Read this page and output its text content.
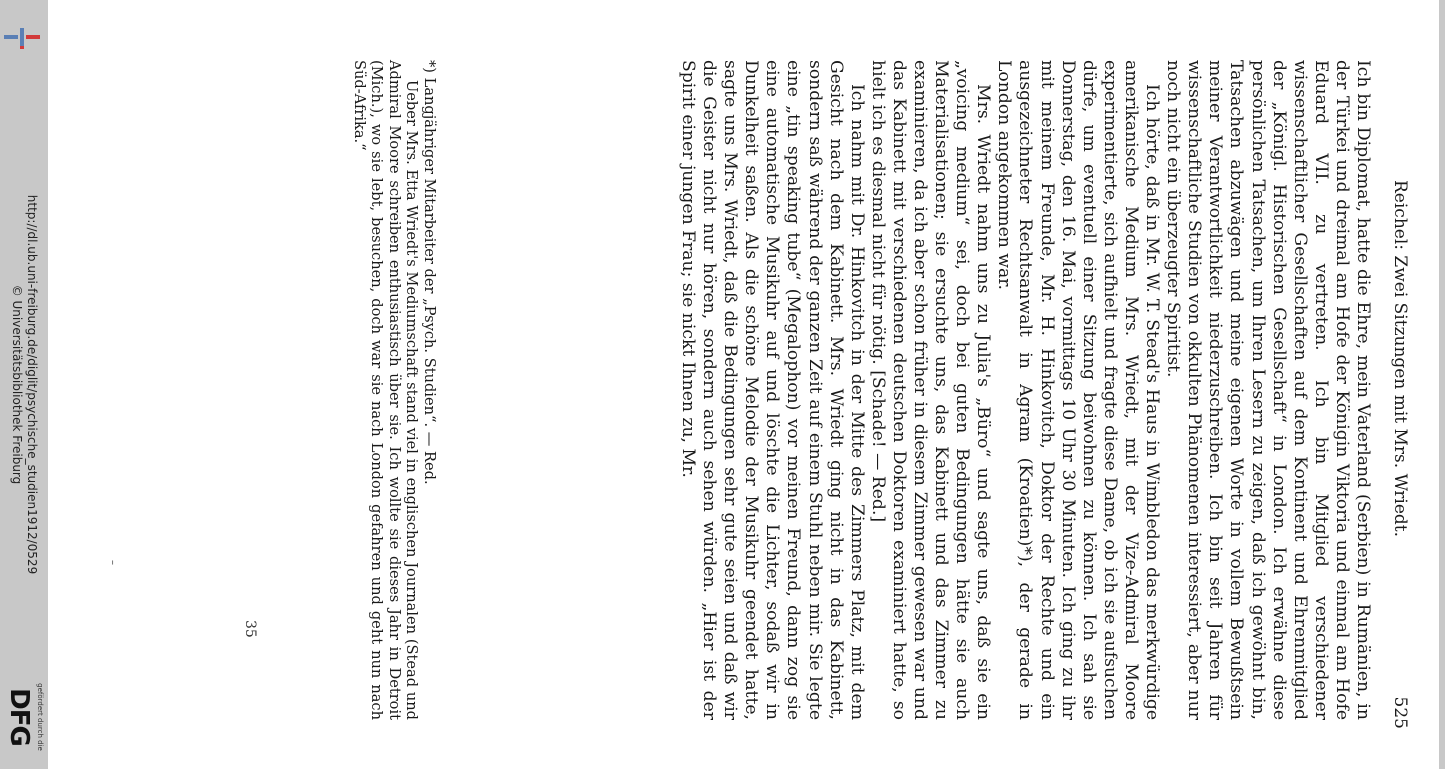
http://dl.ub.uni-freiburg.de/diglit/psychische_studien1912/0529
© Universitätsbibliothek Freiburg
gefördert durch die
DFG
Reichel: Zwei Sitzungen mit Mrs. Wriedt.
525

Ich bin Diplomat, hatte die Ehre, mein Vaterland (Serbien) in Rumänien, in der Türkei und dreimal am Hofe der Königin Viktoria und einmal am Hofe Eduard VII. zu vertreten. Ich bin Mitglied verschiedener wissenschaftlicher Gesellschaften auf dem Kontinent und Ehrenmitglied der „Königl. Historischen Gesellschaft“ in London. Ich erwähne diese persönlichen Tatsachen, um Ihren Lesern zu zeigen, daß ich gewöhnt bin, Tatsachen abzuwägen und meine eigenen Worte in vollem Bewußtsein meiner Verantwortlichkeit niederzuschreiben. Ich bin seit Jahren für wissenschaftliche Studien von okkulten Phänomenen interessiert, aber nur noch nicht ein überzeugter Spiritist.

Ich hörte, daß in Mr. W. T. Stead's Haus in Wimbledon das merkwürdige amerikanische Medium Mrs. Wriedt, mit der Vize-Admiral Moore experimentierte, sich aufhielt und fragte diese Dame, ob ich sie aufsuchen dürfe, um eventuell einer Sitzung beiwohnen zu können. Ich sah sie Donnerstag, den 16. Mai, vormittags 10 Uhr 30 Minuten. Ich ging zu ihr mit meinem Freunde, Mr. H. Hinkovitch, Doktor der Rechte und ein ausgezeichneter Rechtsanwalt in Agram (Kroatien)*), der gerade in London angekommen war.

Mrs. Wriedt nahm uns zu Julia's „Büro“ und sagte uns, daß sie ein „voicing medium“ sei, doch bei guten Bedingungen hätte sie auch Materialisationen; sie ersuchte uns, das Kabinett und das Zimmer zu examinieren, da ich aber schon früher in diesem Zimmer gewesen war und das Kabinett mit verschiedenen deutschen Doktoren examiniert hatte, so hielt ich es diesmal nicht für nötig. [Schade! — Red.]

Ich nahm mit Dr. Hinkovitch in der Mitte des Zimmers Platz, mit dem Gesicht nach dem Kabinett. Mrs. Wriedt ging nicht in das Kabinett, sondern saß während der ganzen Zeit auf einem Stuhl neben mir. Sie legte eine „tin speaking tube“ (Megalophon) vor meinen Freund, dann zog sie eine automatische Musikuhr auf und löschte die Lichter, sodaß wir in Dunkelheit saßen. Als die schöne Melodie der Musikuhr geendet hatte, sagte uns Mrs. Wriedt, daß die Bedingungen sehr gute seien und daß wir die Geister nicht nur hören, sondern auch sehen würden. „Hier ist der Spirit einer jungen Frau; sie nickt Ihnen zu, Mr.

*) Langjähriger Mitarbeiter der „Psych. Studien“. — Red.

Ueber Mrs. Etta Wriedt's Mediumschaft stand viel in englischen Journalen (Stead und Admiral Moore schreiben enthusiastisch über sie. Ich wollte sie dieses Jahr in Detroit (Mich.), wo sie lebt, besuchen, doch war sie nach London gefahren und geht nun nach Süd-Afrika.“

35
–
